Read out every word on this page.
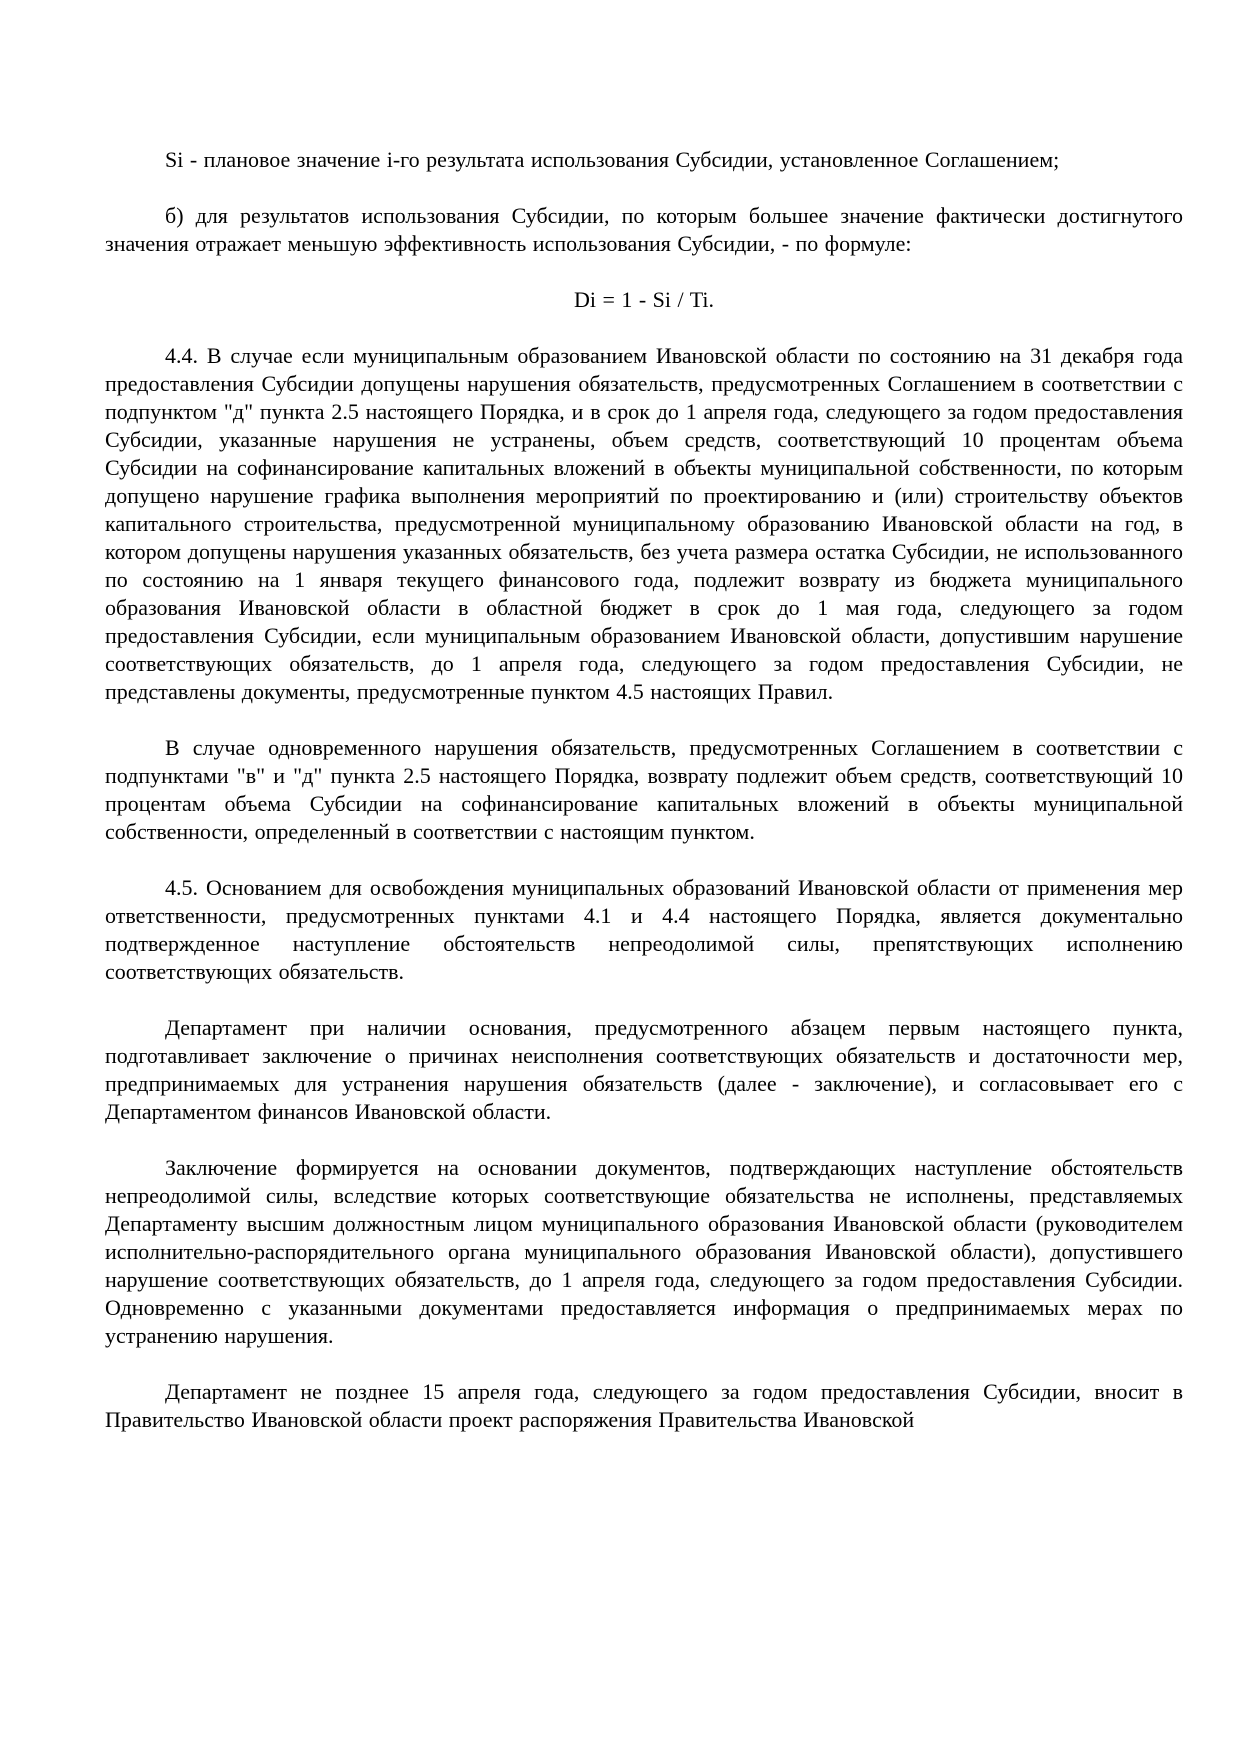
Si - плановое значение i-го результата использования Субсидии, установленное Соглашением;

б) для результатов использования Субсидии, по которым большее значение фактически достигнутого значения отражает меньшую эффективность использования Субсидии, - по формуле:

Di = 1 - Si / Ti.

4.4. В случае если муниципальным образованием Ивановской области по состоянию на 31 декабря года предоставления Субсидии допущены нарушения обязательств, предусмотренных Соглашением в соответствии с подпунктом "д" пункта 2.5 настоящего Порядка, и в срок до 1 апреля года, следующего за годом предоставления Субсидии, указанные нарушения не устранены, объем средств, соответствующий 10 процентам объема Субсидии на софинансирование капитальных вложений в объекты муниципальной собственности, по которым допущено нарушение графика выполнения мероприятий по проектированию и (или) строительству объектов капитального строительства, предусмотренной муниципальному образованию Ивановской области на год, в котором допущены нарушения указанных обязательств, без учета размера остатка Субсидии, не использованного по состоянию на 1 января текущего финансового года, подлежит возврату из бюджета муниципального образования Ивановской области в областной бюджет в срок до 1 мая года, следующего за годом предоставления Субсидии, если муниципальным образованием Ивановской области, допустившим нарушение соответствующих обязательств, до 1 апреля года, следующего за годом предоставления Субсидии, не представлены документы, предусмотренные пунктом 4.5 настоящих Правил.

В случае одновременного нарушения обязательств, предусмотренных Соглашением в соответствии с подпунктами "в" и "д" пункта 2.5 настоящего Порядка, возврату подлежит объем средств, соответствующий 10 процентам объема Субсидии на софинансирование капитальных вложений в объекты муниципальной собственности, определенный в соответствии с настоящим пунктом.

4.5. Основанием для освобождения муниципальных образований Ивановской области от применения мер ответственности, предусмотренных пунктами 4.1 и 4.4 настоящего Порядка, является документально подтвержденное наступление обстоятельств непреодолимой силы, препятствующих исполнению соответствующих обязательств.

Департамент при наличии основания, предусмотренного абзацем первым настоящего пункта, подготавливает заключение о причинах неисполнения соответствующих обязательств и достаточности мер, предпринимаемых для устранения нарушения обязательств (далее - заключение), и согласовывает его с Департаментом финансов Ивановской области.

Заключение формируется на основании документов, подтверждающих наступление обстоятельств непреодолимой силы, вследствие которых соответствующие обязательства не исполнены, представляемых Департаменту высшим должностным лицом муниципального образования Ивановской области (руководителем исполнительно-распорядительного органа муниципального образования Ивановской области), допустившего нарушение соответствующих обязательств, до 1 апреля года, следующего за годом предоставления Субсидии. Одновременно с указанными документами предоставляется информация о предпринимаемых мерах по устранению нарушения.

Департамент не позднее 15 апреля года, следующего за годом предоставления Субсидии, вносит в Правительство Ивановской области проект распоряжения Правительства Ивановской
